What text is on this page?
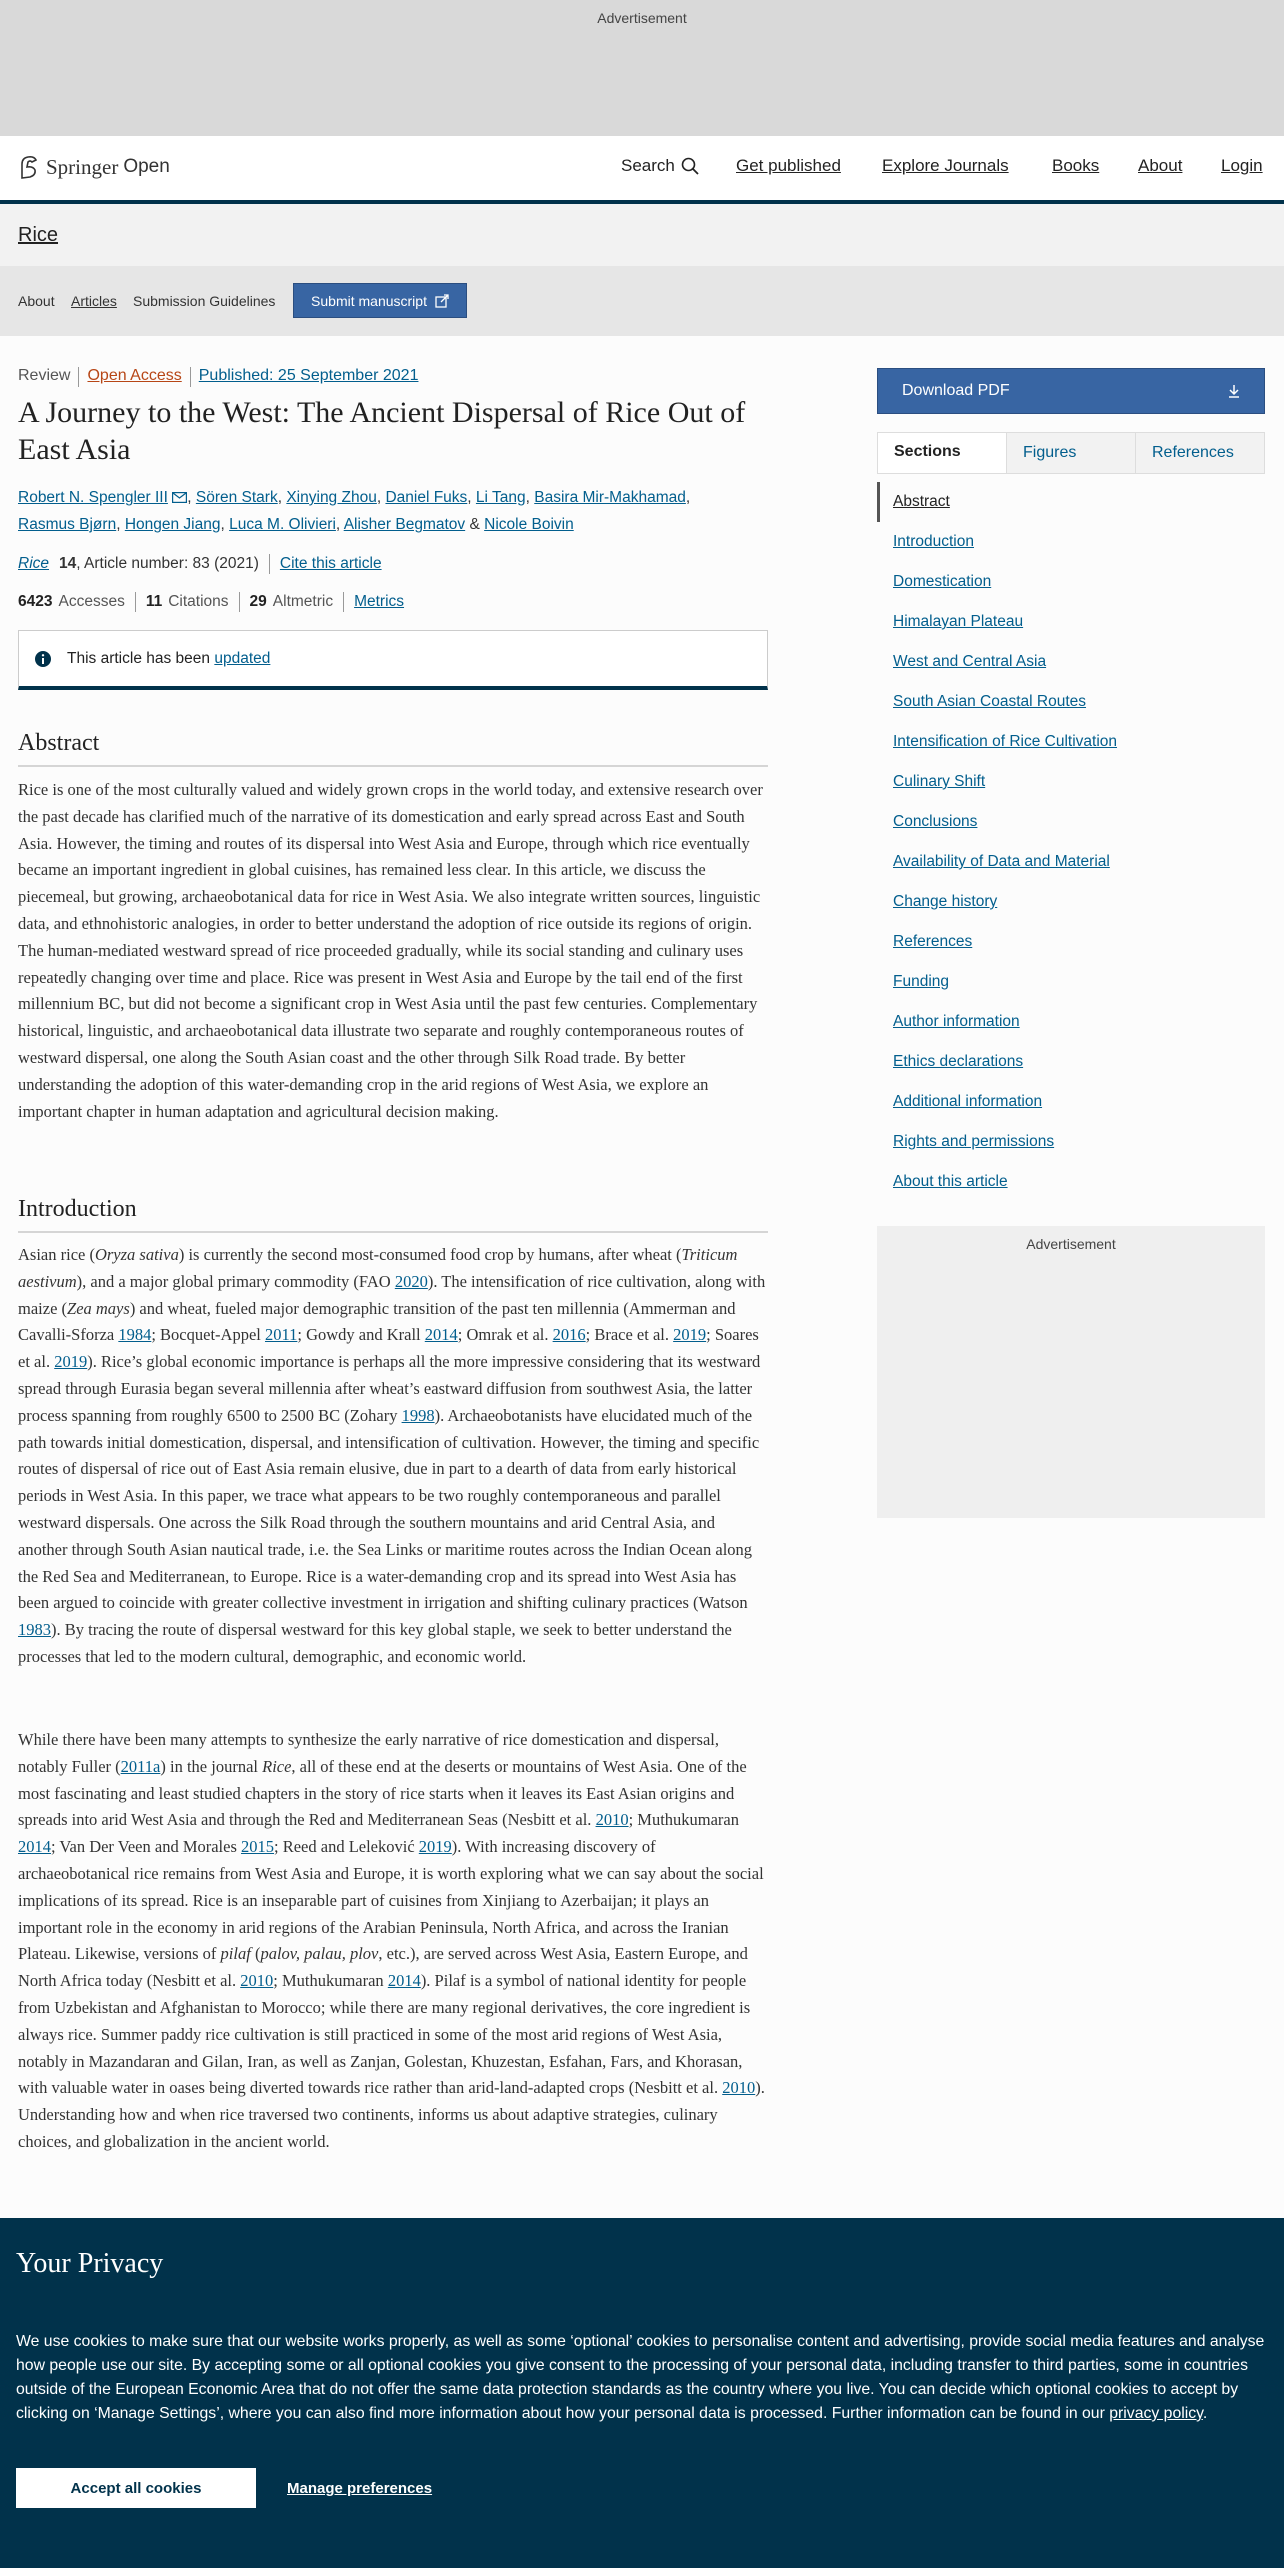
Advertisement
Springer Open	Search	Get published Explore Journals	Books About Login
Rice
About Articles Submission Guidelines	Submit manuscript
Review Open Access Published: 25 September 2021
A Journey to the West: The Ancient Dispersal of Rice Out of East Asia
Robert N. Spengler III , Sören Stark, Xinying Zhou, Daniel Fuks, Li Tang, Basira Mir-Makhamad,
Rasmus Bjørn, Hongen Jiang, Luca M. Olivieri, Alisher Begmatov & Nicole Boivin
Rice 14 , Article number: 83 (2021) Cite this article
6423 Accesses 11 Citations 29 Altmetric Metrics
This article has been
updated
Abstract

Rice is one of the most culturally valued and widely grown crops in the world today, and extensive research over the past decade has clarified much of the narrative of its domestication and early spread across East and South Asia. However, the timing and routes of its dispersal into West Asia and Europe, through which rice eventually became an important ingredient in global cuisines, has remained less clear. In this article, we discuss the piecemeal, but growing, archaeobotanical data for rice in West Asia. We also integrate written sources, linguistic data, and ethnohistoric analogies, in order to better understand the adoption of rice outside its regions of origin. The human-mediated westward spread of rice proceeded gradually, while its social standing and culinary uses repeatedly changing over time and place. Rice was present in West Asia and Europe by the tail end of the first millennium BC, but did not become a significant crop in West Asia until the past few centuries. Complementary historical, linguistic, and archaeobotanical data illustrate two separate and roughly contemporaneous routes of westward dispersal, one along the South Asian coast and the other through Silk Road trade. By better understanding the adoption of this water-demanding crop in the arid regions of West Asia, we explore an important chapter in human adaptation and agricultural decision making.

Introduction

Asian rice (Oryza sativa) is currently the second most-consumed food crop by humans, after wheat (Triticum aestivum), and a major global primary commodity (FAO 2020). The intensification of rice cultivation, along with maize (Zea mays) and wheat, fueled major demographic transition of the past ten millennia (Ammerman and Cavalli-Sforza 1984; Bocquet-Appel 2011; Gowdy and Krall 2014; Omrak et al. 2016; Brace et al. 2019; Soares et al. 2019). Rice’s global economic importance is perhaps all the more impressive considering that its westward spread through Eurasia began several millennia after wheat’s eastward diffusion from southwest Asia, the latter process spanning from roughly 6500 to 2500 BC (Zohary 1998). Archaeobotanists have elucidated much of the path towards initial domestication, dispersal, and intensification of cultivation. However, the timing and specific routes of dispersal of rice out of East Asia remain elusive, due in part to a dearth of data from early historical periods in West Asia. In this paper, we trace what appears to be two roughly contemporaneous and parallel westward dispersals. One across the Silk Road through the southern mountains and arid Central Asia, and another through South Asian nautical trade, i.e. the Sea Links or maritime routes across the Indian Ocean along the Red Sea and Mediterranean, to Europe. Rice is a water-demanding crop and its spread into West Asia has been argued to coincide with greater collective investment in irrigation and shifting culinary practices (Watson 1983). By tracing the route of dispersal westward for this key global staple, we seek to better understand the processes that led to the modern cultural, demographic, and economic world.

While there have been many attempts to synthesize the early narrative of rice domestication and dispersal, notably Fuller (2011a) in the journal Rice, all of these end at the deserts or mountains of West Asia. One of the most fascinating and least studied chapters in the story of rice starts when it leaves its East Asian origins and spreads into arid West Asia and through the Red and Mediterranean Seas (Nesbitt et al. 2010; Muthukumaran 2014; Van Der Veen and Morales 2015; Reed and Leleković 2019). With increasing discovery of archaeobotanical rice remains from West Asia and Europe, it is worth exploring what we can say about the social implications of its spread. Rice is an inseparable part of cuisines from Xinjiang to Azerbaijan; it plays an important role in the economy in arid regions of the Arabian Peninsula, North Africa, and across the Iranian Plateau. Likewise, versions of pilaf (palov, palau, plov, etc.), are served across West Asia, Eastern Europe, and North Africa today (Nesbitt et al. 2010; Muthukumaran 2014). Pilaf is a symbol of national identity for people from Uzbekistan and Afghanistan to Morocco; while there are many regional derivatives, the core ingredient is always rice. Summer paddy rice cultivation is still practiced in some of the most arid regions of West Asia, notably in Mazandaran and Gilan, Iran, as well as Zanjan, Golestan, Khuzestan, Esfahan, Fars, and Khorasan, with valuable water in oases being diverted towards rice rather than arid-land-adapted crops (Nesbitt et al. 2010). Understanding how and when rice traversed two continents, informs us about adaptive strategies, culinary choices, and globalization in the ancient world.

Download PDF
Sections	Figures	References
Abstract
Introduction
Domestication
Himalayan Plateau
West and Central Asia
South Asian Coastal Routes
Intensification of Rice Cultivation
Culinary Shift
Conclusions
Availability of Data and Material
Change history
References
Funding
Author information
Ethics declarations
Additional information
Rights and permissions
About this article
Advertisement
Your Privacy

We use cookies to make sure that our website works properly, as well as some ‘optional’ cookies to personalise content and advertising, provide social media features and analyse how people use our site. By accepting some or all optional cookies you give consent to the processing of your personal data, including transfer to third parties, some in countries outside of the European Economic Area that do not offer the same data protection standards as the country where you live. You can decide which optional cookies to accept by clicking on ‘Manage Settings’, where you can also find more information about how your personal data is processed. Further information can be found in our privacy policy.

Accept all cookies	Manage preferences
